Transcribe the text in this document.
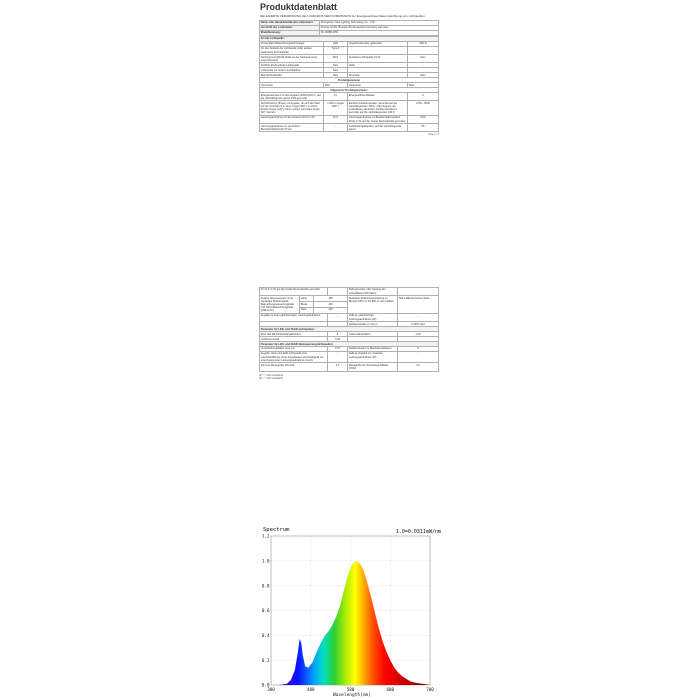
Produktdatenblatt
DELEGIERTE VERORDNUNG (EU) 2019/2015 DER KOMMISSION zur Energieverbrauchskennzeichnung von Lichtquellen
Name oder Handelsmarke des Lieferanten:	Zhongshan Yasé Lighting Technology Co., LTD
Anschrift des Lieferanten:	Prisma GmbH, Breitestr.56 duesseldorf Germany Germany
Modellkennung:	FF-HW80-W02
Art der Lichtquelle:			
Verwendete Beleuchtungstechnologie:	LED	Ungebündelt oder gebündelt:	NDLS
Art des Sockels der Lichtquelle (oder andere elektrische Schnittstelle)	Type F		
Netzspannung/Nicht direkt an der Netzspannung angeschlossen:	MLS	Vernetzte Lichtquelle (CLS):	Nein
Farblich abstimmbare Lichtquelle:	Nein	Hülle:	-
Lichtquelle mit hoher Leuchtdichte:	Nein		
Blendschutzschild:	Nein	Dimmbar:	Nein
Produktparameter			
Parameter	Wert	Parameter	Wert
Allgemeine Produktparameter:			
Energieverbrauch im Ein-Zustand (kWh/1000 h), auf die nächstliegende ganze Zahl gerundet	11	Energieeffizienzklasse	F
Nutzlichtstrom (Φuse) mit Angabe, ob sich der Wert auf den Lichtstrom in einer Kugel (360°), in einem breiten Kegel (120°) oder in einem schmalen Kegel (90°) bezieht	1 200 in Kugel (360 °)	ähnliche Farbtemperatur, gerundet auf die nächstliegenden 100 K, oder Spanne der einstellbaren ähnlichen Farbtemperaturen, gerundet auf die nächstliegenden 100 K	2700...6500
Leistungsaufnahme im Ein-Zustand (Pon) in W	11,9	Leistungsaufnahme im Bereitschaftszustand (Psb) in W, auf die zweite Dezimalstelle gerundet	0,00
Leistungsaufnahme im vernetzten Bereitschaftsbetrieb (Pnet)	-	Farbwiedergabeindex, auf die nächstliegende ganze	85
Seite 1 / 4
für CLS in W, auf die zweite Dezimalstelle gerundet				Zahl gerundet, oder Spanne der einstellbaren CRI-Werte	
Äußere Abmessungen ohne separates Betriebsgerät, Beleuchtungssteuerungsteile und Nicht-Beleuchtungsteile (Millimeter)	Höhe	100		Spektrale Strahlungsverteilung im Bereich 250 nm bis 800 nm bei Volllast	Siehe Bild auf letzter Seite
	Breite	100			
	Tiefe	100			
Angabe zu einer gleichwertigen Leistungsaufnahme			-	Falls ja, gleichwertige Leistungsaufnahme (W)	-
				Farbwertanteile (x und y)	0,448 0,412
Parameter für LED- und OLED-Lichtquellen:					
Wert des R9-Farbwiedergabeindex			8	Lebensdauerfaktor	1,00
Lichtstromerhalt			0,96		
Parameter für LED- und OLED-Netzspannungslichtquellen:					
Verschiebungsfaktor (cos φ1)			0,97	Farbkonsistenz in MacAdam-Ellipsen	5
Angabe, dass eine LED-Lichtquelle eine Leuchtstofflampe ohne eingebautes Vorschaltgerät mit einer bestimmten Leistungsaufnahme ersetzt.			-	Falls ja, Angabe zur ersetzten Leistungsaufnahme (W)	-
Flimmer-Messgröße (Pst LM)			0,3	Messgröße für Stroboskop-Effekte (SVM)	0,2
(1) "-": nicht zutreffend;
(2) "-": nicht zutreffend.
Spectrum	1.0=0.0311mW/nm
Wavelength[nm]
0.0
0.2
0.4
0.6
0.8
1.0
1.2
380	480	580	680	780
